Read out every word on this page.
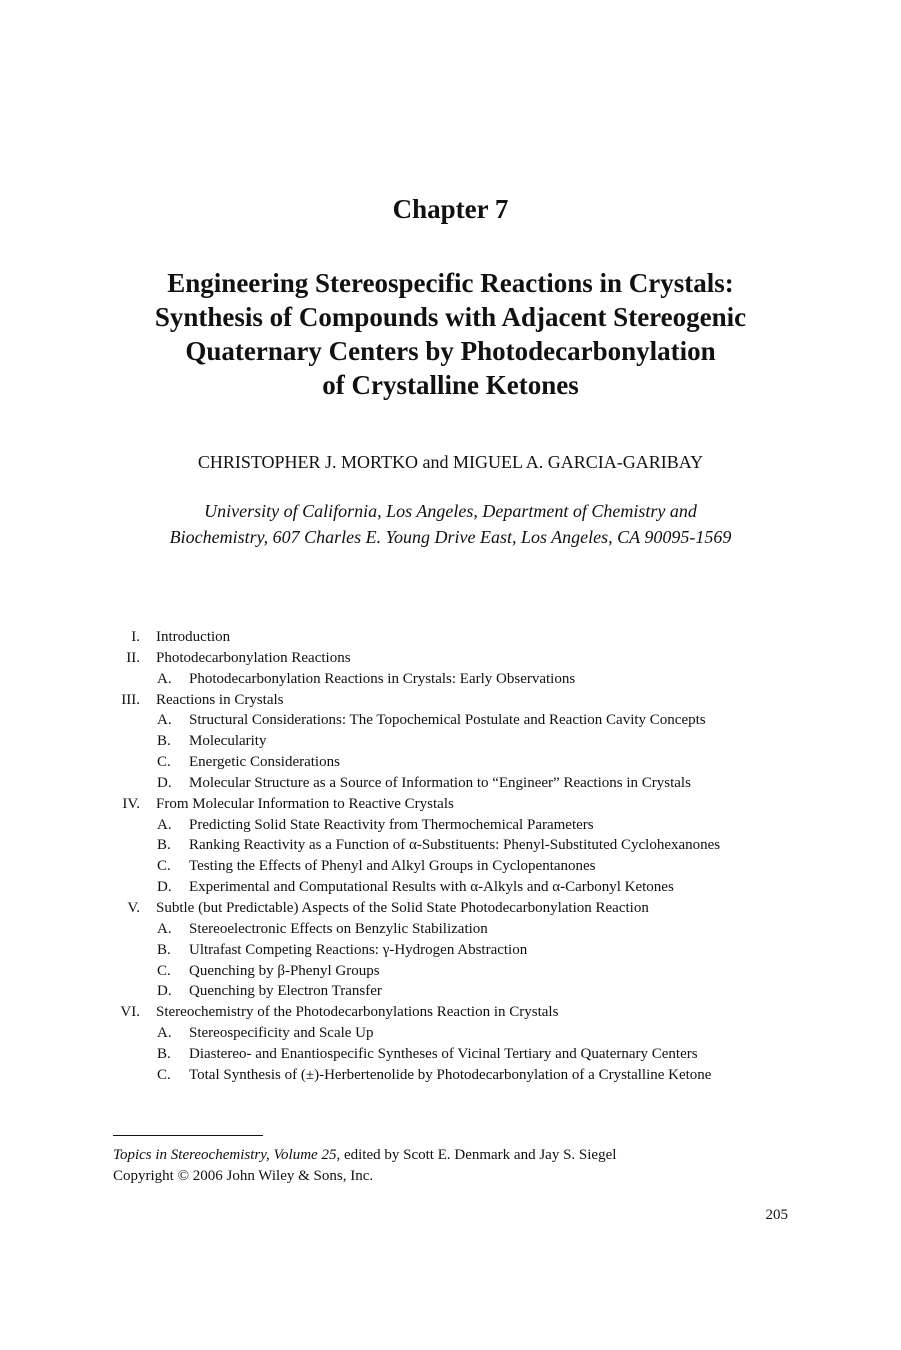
Chapter 7
Engineering Stereospecific Reactions in Crystals:
Synthesis of Compounds with Adjacent Stereogenic
Quaternary Centers by Photodecarbonylation
of Crystalline Ketones
CHRISTOPHER J. MORTKO and MIGUEL A. GARCIA-GARIBAY
University of California, Los Angeles, Department of Chemistry and
Biochemistry, 607 Charles E. Young Drive East, Los Angeles, CA 90095-1569
I. Introduction
II. Photodecarbonylation Reactions
A. Photodecarbonylation Reactions in Crystals: Early Observations
III. Reactions in Crystals
A. Structural Considerations: The Topochemical Postulate and Reaction Cavity Concepts
B. Molecularity
C. Energetic Considerations
D. Molecular Structure as a Source of Information to “Engineer” Reactions in Crystals
IV. From Molecular Information to Reactive Crystals
A. Predicting Solid State Reactivity from Thermochemical Parameters
B. Ranking Reactivity as a Function of α-Substituents: Phenyl-Substituted Cyclohexanones
C. Testing the Effects of Phenyl and Alkyl Groups in Cyclopentanones
D. Experimental and Computational Results with α-Alkyls and α-Carbonyl Ketones
V. Subtle (but Predictable) Aspects of the Solid State Photodecarbonylation Reaction
A. Stereoelectronic Effects on Benzylic Stabilization
B. Ultrafast Competing Reactions: γ-Hydrogen Abstraction
C. Quenching by β-Phenyl Groups
D. Quenching by Electron Transfer
VI. Stereochemistry of the Photodecarbonylations Reaction in Crystals
A. Stereospecificity and Scale Up
B. Diastereo- and Enantiospecific Syntheses of Vicinal Tertiary and Quaternary Centers
C. Total Synthesis of (±)-Herbertenolide by Photodecarbonylation of a Crystalline Ketone
Topics in Stereochemistry, Volume 25, edited by Scott E. Denmark and Jay S. Siegel
Copyright © 2006 John Wiley & Sons, Inc.
205
